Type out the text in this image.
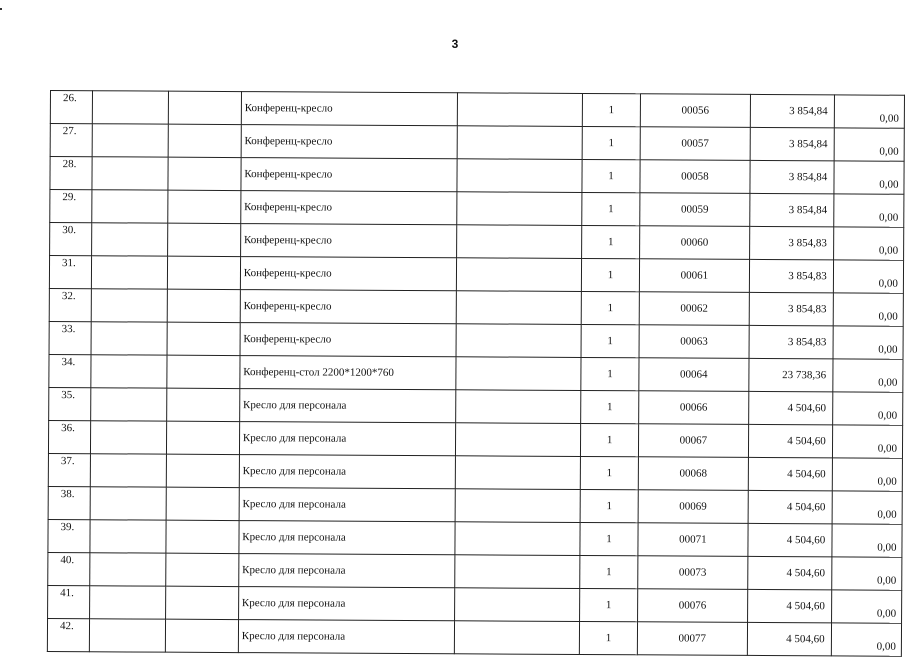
3
26.			Конференц-кресло		1	00056	3 854,84	0,00

27.			Конференц-кресло		1	00057	3 854,84	0,00

28.			Конференц-кресло		1	00058	3 854,84	0,00

29.			Конференц-кресло		1	00059	3 854,84	0,00

30.			Конференц-кресло		1	00060	3 854,83	0,00

31.			Конференц-кресло		1	00061	3 854,83	0,00

32.			Конференц-кресло		1	00062	3 854,83	0,00

33.			Конференц-кресло		1	00063	3 854,83	0,00

34.			Конференц-стол 2200*1200*760		1	00064	23 738,36	0,00

35.			Кресло для персонала		1	00066	4 504,60	0,00

36.			Кресло для персонала		1	00067	4 504,60	0,00

37.			Кресло для персонала		1	00068	4 504,60	0,00

38.			Кресло для персонала		1	00069	4 504,60	0,00

39.			Кресло для персонала		1	00071	4 504,60	0,00

40.			Кресло для персонала		1	00073	4 504,60	0,00

41.			Кресло для персонала		1	00076	4 504,60	0,00

42.			Кресло для персонала		1	00077	4 504,60	0,00
